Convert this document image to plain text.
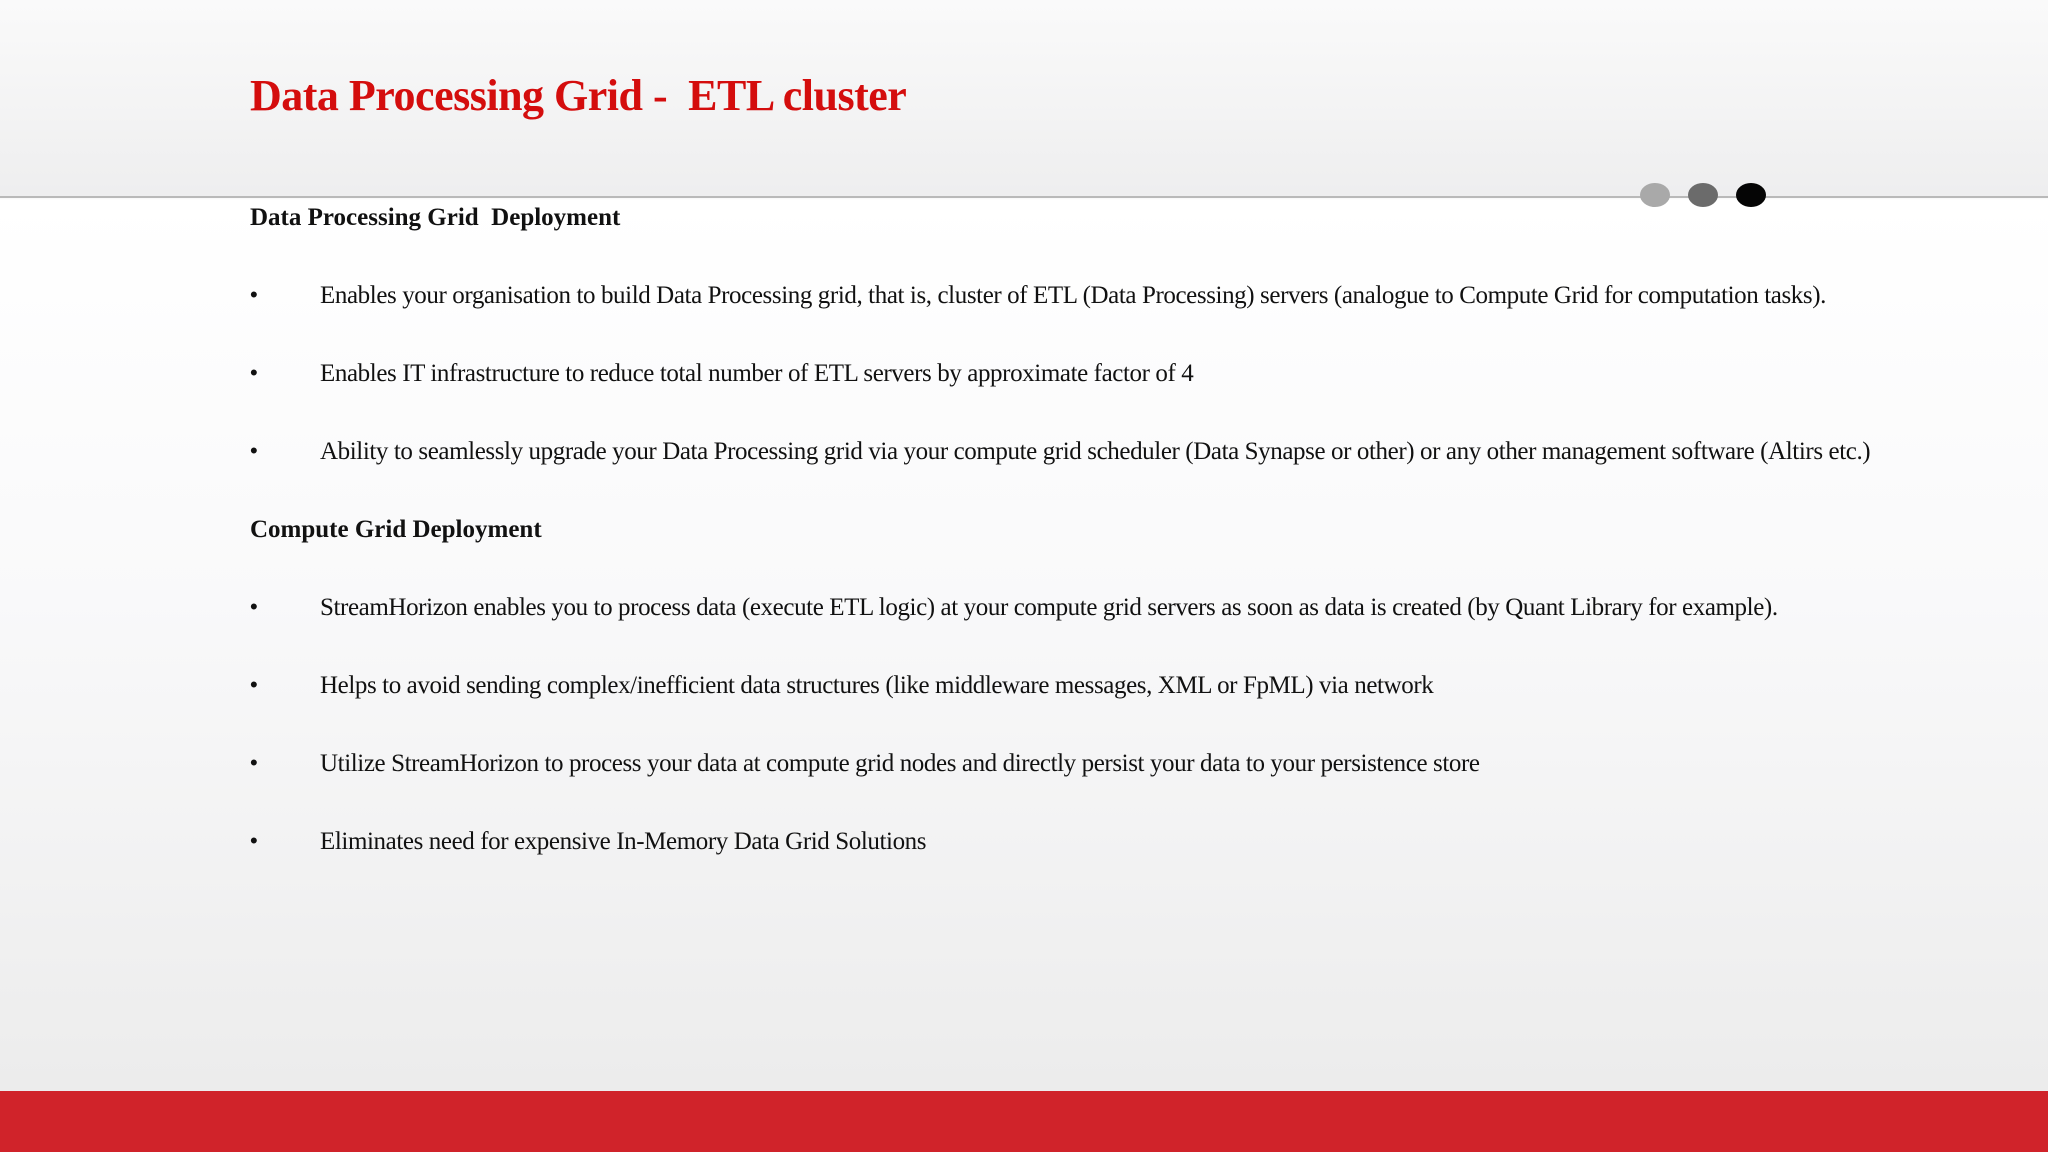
Data Processing Grid -  ETL cluster
Data Processing Grid  Deployment
• Enables your organisation to build Data Processing grid, that is, cluster of ETL (Data Processing) servers (analogue to Compute Grid for computation tasks).
• Enables IT infrastructure to reduce total number of ETL servers by approximate factor of 4
• Ability to seamlessly upgrade your Data Processing grid via your compute grid scheduler (Data Synapse or other) or any other management software (Altirs etc.)
Compute Grid Deployment
• StreamHorizon enables you to process data (execute ETL logic) at your compute grid servers as soon as data is created (by Quant Library for example).
• Helps to avoid sending complex/inefficient data structures (like middleware messages, XML or FpML) via network
• Utilize StreamHorizon to process your data at compute grid nodes and directly persist your data to your persistence store
• Eliminates need for expensive In-Memory Data Grid Solutions
